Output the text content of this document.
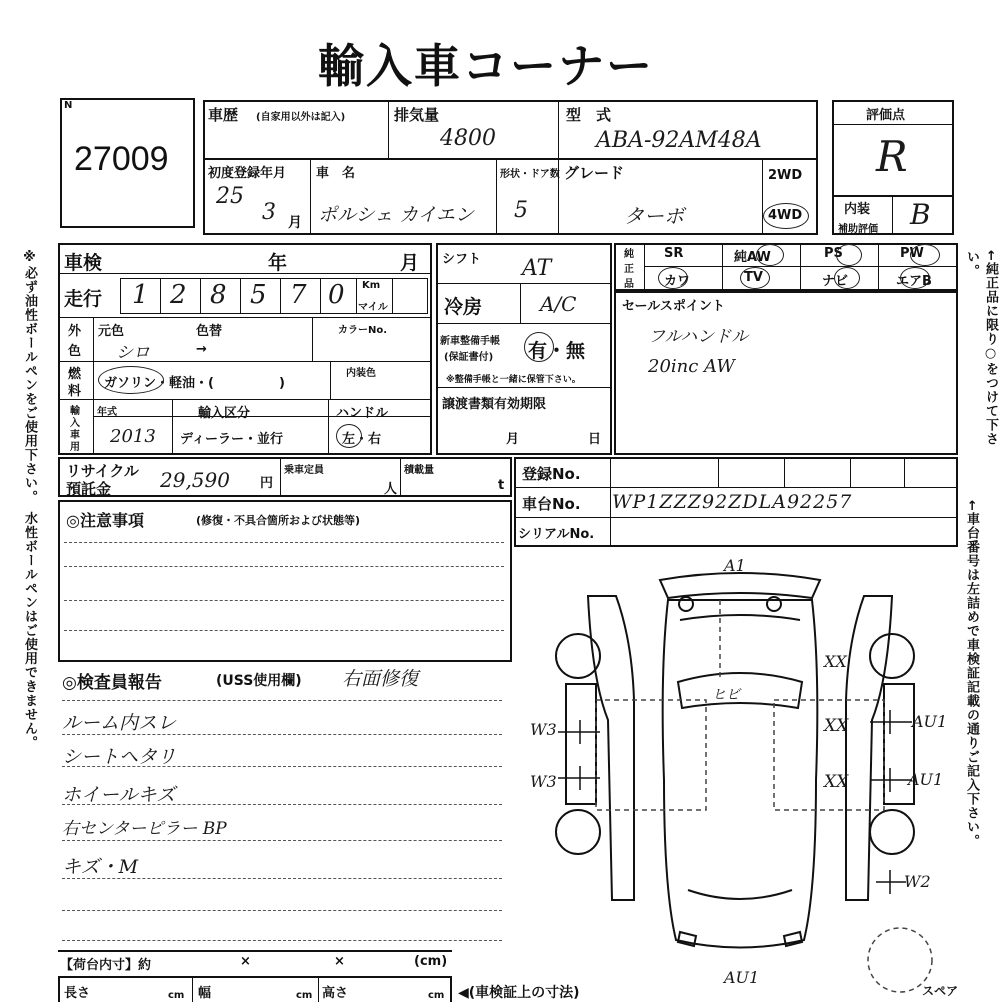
輸入車コーナー
※必ず油性ボールペンをご使用下さい。　水性ボールペンはご使用できません。	←純正品に限り○をつけて下さい。
←車台番号は左詰めで車検証記載の通りご記入下さい。
N
27009
車歴 (自家用以外は記入)	排気量
4800
型　式
ABA-92AM48A
初度登録年月
25
3 月
車　名
ポルシェ カイエン
形状・ドア数
5
グレード
ターボ
2WD
4WD
評価点
R
内装
補助評価 B
車検	年	月
走行 1 2 8 5 7 0 Km
マイル
外
色
元色	色替	カラーNo.
シロ	→
燃
料
ガソリン・軽油・(　　　　　)
内装色
輸
入
車
用
年式
2013
輸入区分
ディーラー・並行
ハンドル
左・右
シフト AT
冷房	A/C
新車整備手帳
(保証書付) 有・無
※整備手帳と一緒に保管下さい。
譲渡書類有効期限
月	日
純
正
品
SR	純AW	PS	PW
カワ	TV	ナビ	エアB
セールスポイント
フルハンドル
20inc AW
リサイクル
預託金 29,590 円
乗車定員
人
積載量
t
登録No.
車台No. WP1ZZZ92ZDLA92257
シリアルNo.
◎注意事項	(修復・不具合箇所および状態等)
◎検査員報告	(USS使用欄) 右面修復
ルーム内スレ
シートヘタリ
ホイールキズ
右センターピラー BP
キズ・M
【荷台内寸】約	×	×	(cm)
長さ	cm 幅	cm 高さ	cm ◀(車検証上の寸法)
A1
XX
ヒビ
XX
XX
W3
W3
AU1
AU1
W2
AU1
スペア
